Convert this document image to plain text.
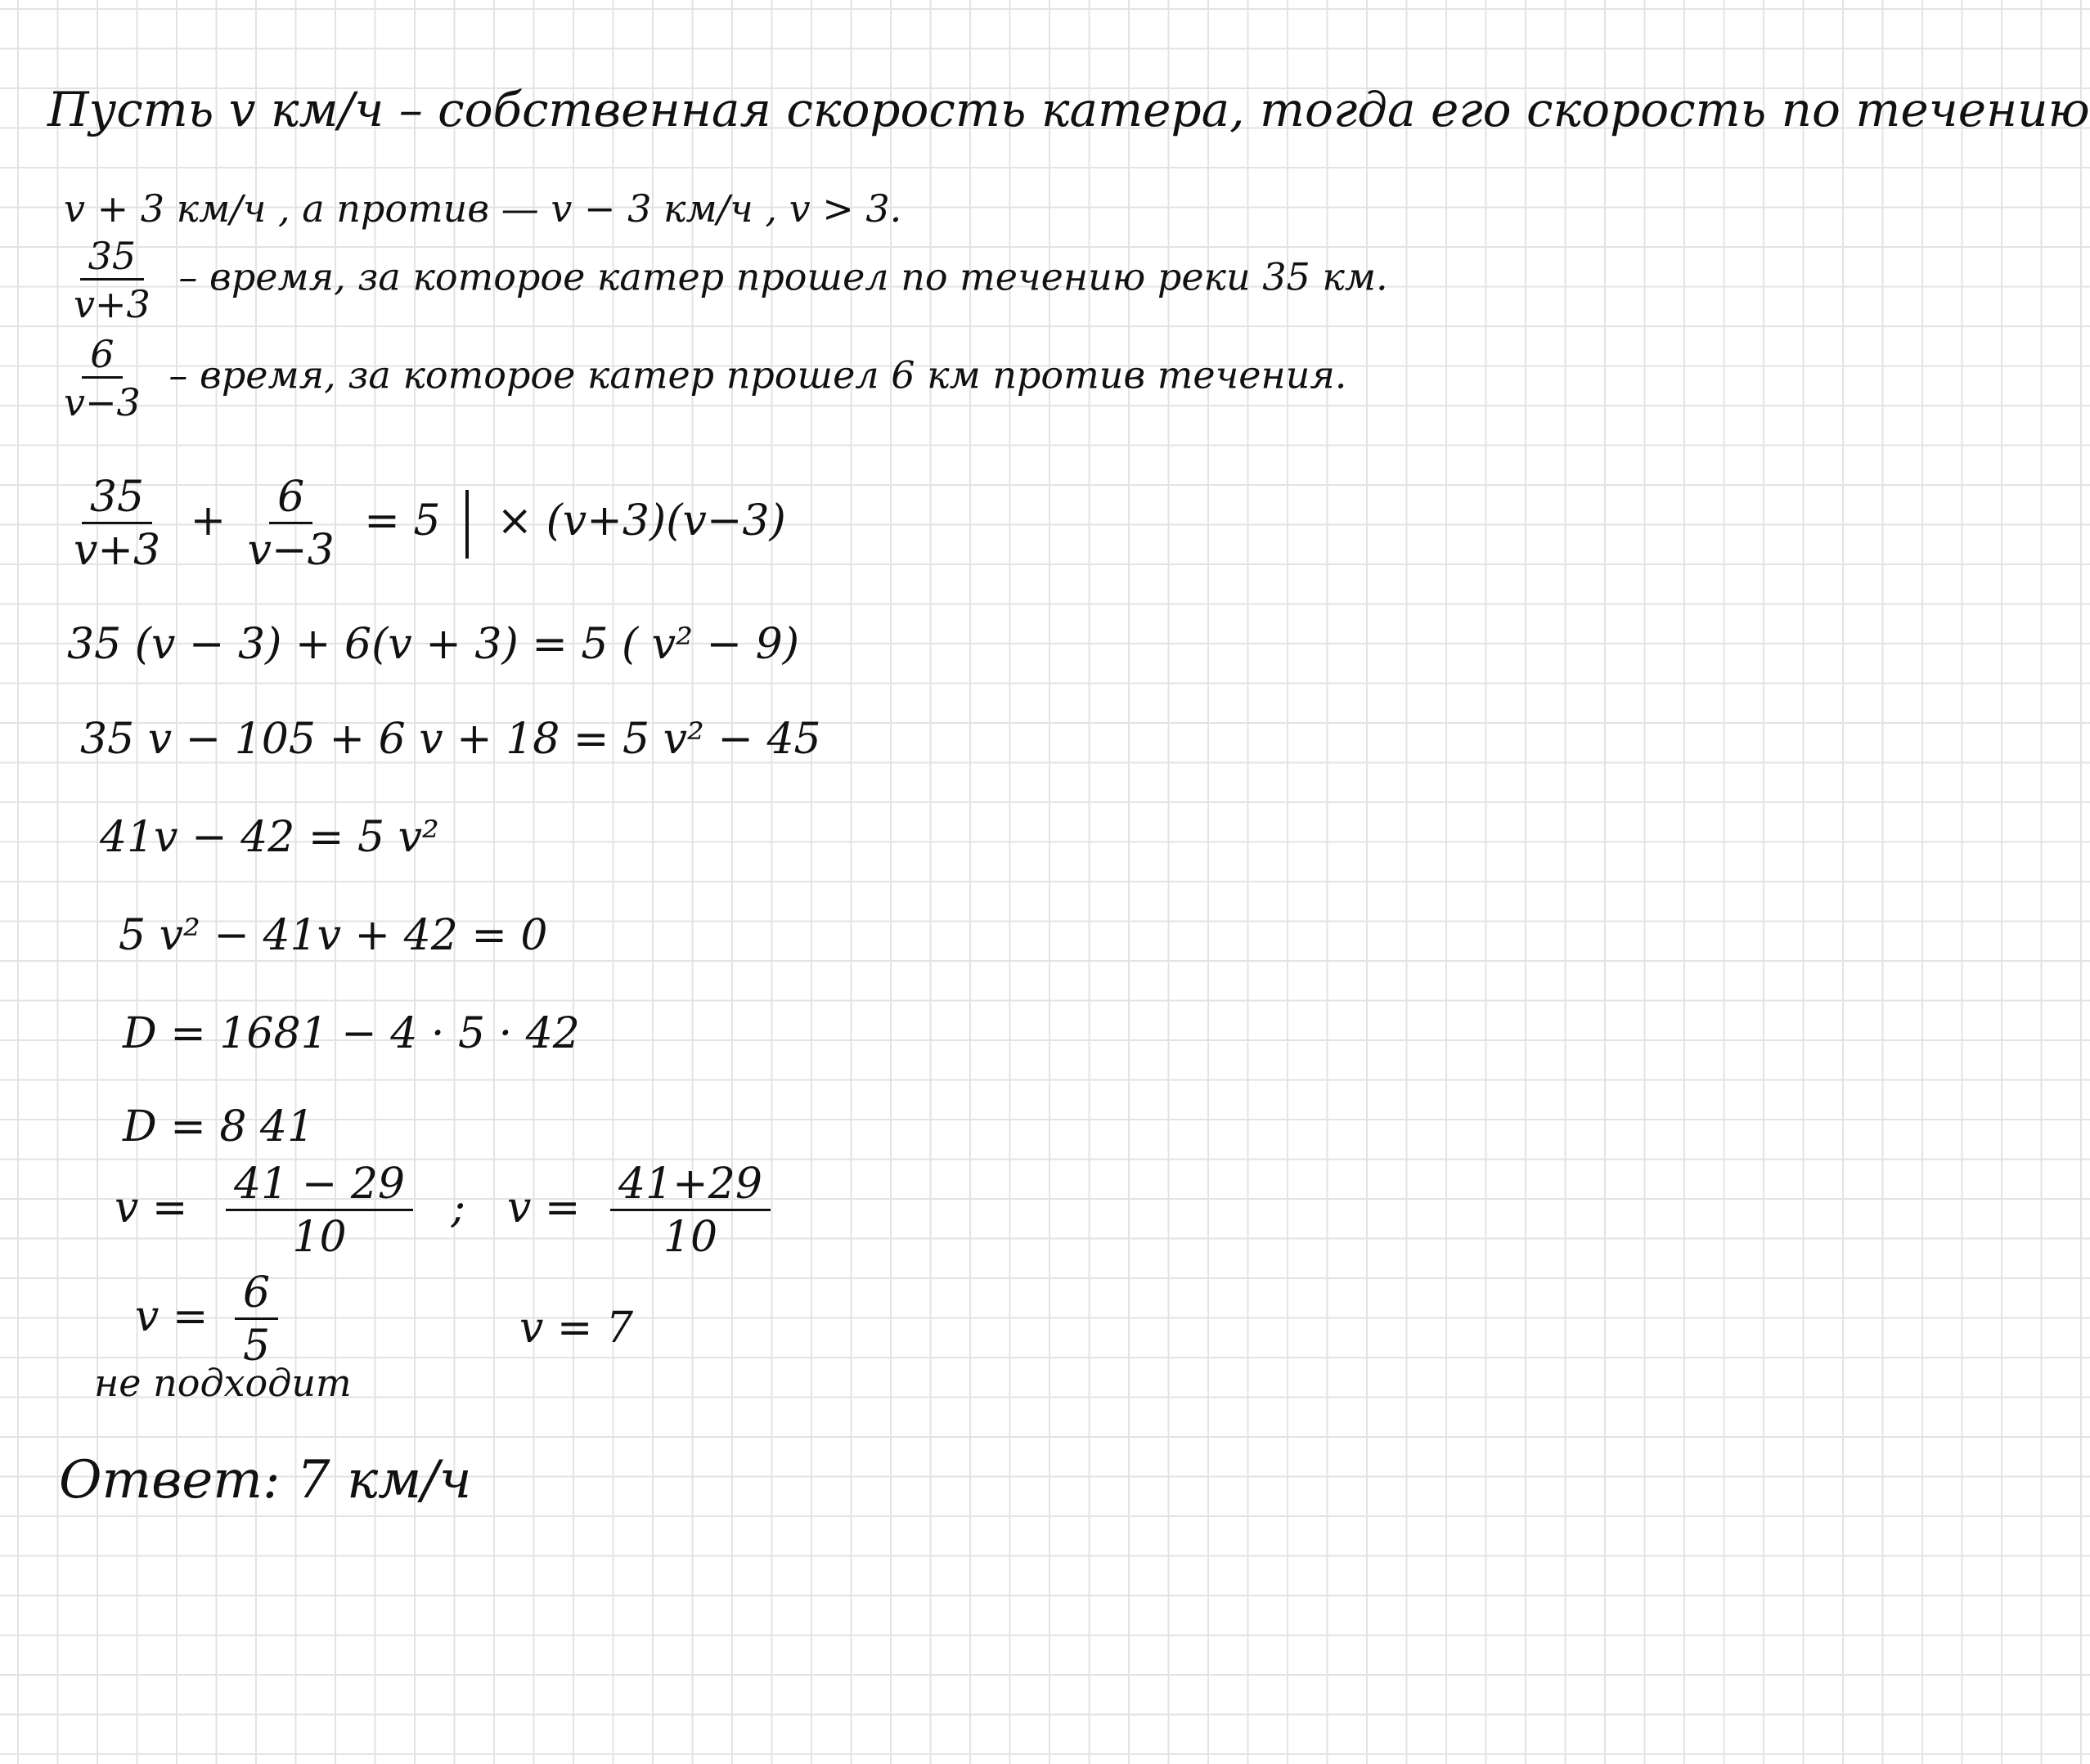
Пусть v км/ч – собственная скорость катера, тогда его скорость по течению
v + 3 км/ч , а против — v − 3 км/ч , v > 3.
$\frac{35}{v+3}$ – время, за которое катер прошел по течению реки 35 км.
$\frac{6}{v-3}$ – время, за которое катер прошел 6 км против течения.
$\frac{35}{v+3} + \frac{6}{v-3} = 5 \times (v+3)(v-3)$
35 (v − 3) + 6(v + 3) = 5 ( v² − 9)
35 v − 105 + 6 v + 18 = 5 v² − 45
41v − 42 = 5 v²
5 v² − 41v + 42 = 0
D = 1681 − 4 · 5 · 42
D = 8 41
$v = \frac{41 - 29}{10}$ ; $v = \frac{41+29}{10}$
$v = \frac{6}{5}$	v = 7
не подходит
Ответ: 7 км/ч
